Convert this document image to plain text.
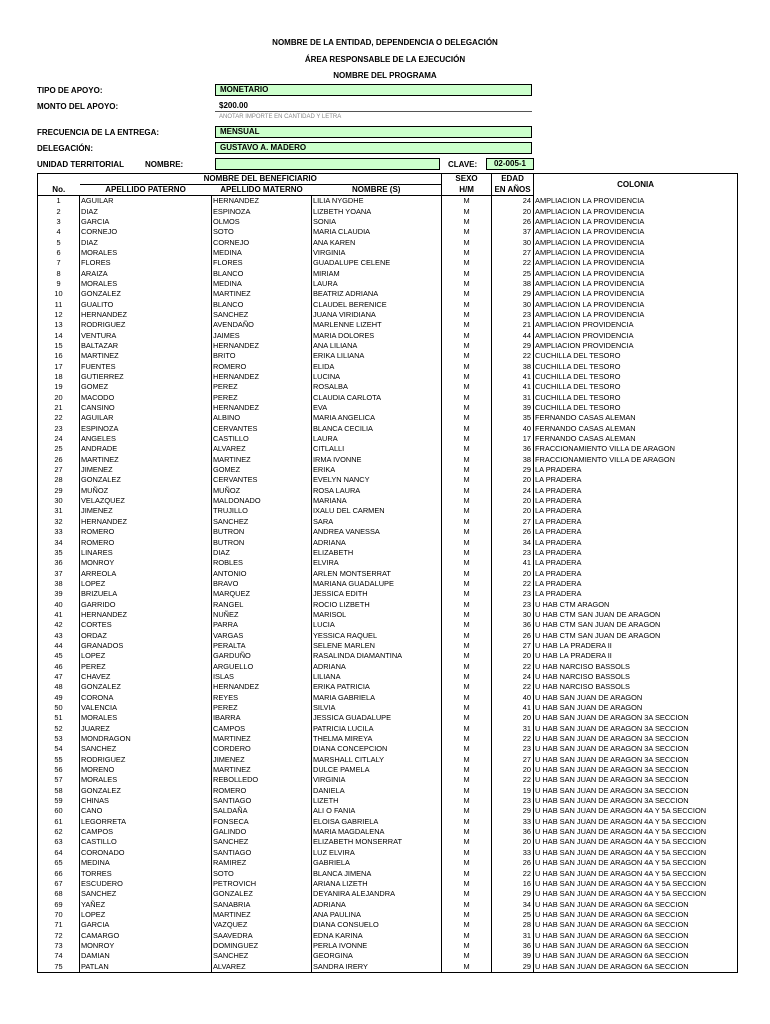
NOMBRE DE LA ENTIDAD, DEPENDENCIA O DELEGACIÓN
ÁREA RESPONSABLE DE LA EJECUCIÓN
NOMBRE DEL PROGRAMA
TIPO DE APOYO:	MONETARIO
MONTO DEL APOYO:	$200.00
ANOTAR IMPORTE EN CANTIDAD Y LETRA
FRECUENCIA DE LA ENTREGA:	MENSUAL
DELEGACIÓN:	GUSTAVO A. MADERO
UNIDAD TERRITORIAL	NOMBRE:	CLAVE:	02-005-1
	NOMBRE DEL BENEFICIARIO			SEXO	EDAD	COLONIA
No.	APELLIDO PATERNO	APELLIDO MATERNO	NOMBRE (S)	H/M	EN AÑOS	
1	AGUILAR	HERNANDEZ	LILIA NYGDHE	M	24	AMPLIACION LA PROVIDENCIA
2	DIAZ	ESPINOZA	LIZBETH YOANA	M	20	AMPLIACION LA PROVIDENCIA
3	GARCIA	OLMOS	SONIA	M	26	AMPLIACION LA PROVIDENCIA
4	CORNEJO	SOTO	MARIA CLAUDIA	M	37	AMPLIACION LA PROVIDENCIA
5	DIAZ	CORNEJO	ANA KAREN	M	30	AMPLIACION LA PROVIDENCIA
6	MORALES	MEDINA	VIRGINIA	M	27	AMPLIACION LA PROVIDENCIA
7	FLORES	FLORES	GUADALUPE CELENE	M	22	AMPLIACION LA PROVIDENCIA
8	ARAIZA	BLANCO	MIRIAM	M	25	AMPLIACION LA PROVIDENCIA
9	MORALES	MEDINA	LAURA	M	38	AMPLIACION LA PROVIDENCIA
10	GONZALEZ	MARTINEZ	BEATRIZ ADRIANA	M	29	AMPLIACION LA PROVIDENCIA
11	GUALITO	BLANCO	CLAUDEL BERENICE	M	30	AMPLIACION LA PROVIDENCIA
12	HERNANDEZ	SANCHEZ	JUANA VIRIDIANA	M	23	AMPLIACION LA PROVIDENCIA
13	RODRIGUEZ	AVENDAÑO	MARLENNE LIZEHT	M	21	AMPLIACION PROVIDENCIA
14	VENTURA	JAIMES	MARIA DOLORES	M	44	AMPLIACION PROVIDENCIA
15	BALTAZAR	HERNANDEZ	ANA LILIANA	M	29	AMPLIACION PROVIDENCIA
16	MARTINEZ	BRITO	ERIKA LILIANA	M	22	CUCHILLA DEL TESORO
17	FUENTES	ROMERO	ELIDA	M	38	CUCHILLA DEL TESORO
18	GUTIERREZ	HERNANDEZ	LUCINA	M	41	CUCHILLA DEL TESORO
19	GOMEZ	PEREZ	ROSALBA	M	41	CUCHILLA DEL TESORO
20	MACODO	PEREZ	CLAUDIA CARLOTA	M	31	CUCHILLA DEL TESORO
21	CANSINO	HERNANDEZ	EVA	M	39	CUCHILLA DEL TESORO
22	AGUILAR	ALBINO	MARIA ANGELICA	M	35	FERNANDO CASAS ALEMAN
23	ESPINOZA	CERVANTES	BLANCA CECILIA	M	40	FERNANDO CASAS ALEMAN
24	ANGELES	CASTILLO	LAURA	M	17	FERNANDO CASAS ALEMAN
25	ANDRADE	ALVAREZ	CITLALLI	M	36	FRACCIONAMIENTO VILLA DE ARAGON
26	MARTINEZ	MARTINEZ	IRMA IVONNE	M	38	FRACCIONAMIENTO VILLA DE ARAGON
27	JIMENEZ	GOMEZ	ERIKA	M	29	LA PRADERA
28	GONZALEZ	CERVANTES	EVELYN NANCY	M	20	LA PRADERA
29	MUÑOZ	MUÑOZ	ROSA LAURA	M	24	LA PRADERA
30	VELAZQUEZ	MALDONADO	MARIANA	M	20	LA PRADERA
31	JIMENEZ	TRUJILLO	IXALU DEL CARMEN	M	20	LA PRADERA
32	HERNANDEZ	SANCHEZ	SARA	M	27	LA PRADERA
33	ROMERO	BUTRON	ANDREA VANESSA	M	26	LA PRADERA
34	ROMERO	BUTRON	ADRIANA	M	34	LA PRADERA
35	LINARES	DIAZ	ELIZABETH	M	23	LA PRADERA
36	MONROY	ROBLES	ELVIRA	M	41	LA PRADERA
37	ARREOLA	ANTONIO	ARLEN MONTSERRAT	M	20	LA PRADERA
38	LOPEZ	BRAVO	MARIANA GUADALUPE	M	22	LA PRADERA
39	BRIZUELA	MARQUEZ	JESSICA EDITH	M	23	LA PRADERA
40	GARRIDO	RANGEL	ROCIO LIZBETH	M	23	U HAB CTM ARAGON
41	HERNANDEZ	NUÑEZ	MARISOL	M	30	U HAB CTM SAN JUAN DE ARAGON
42	CORTES	PARRA	LUCIA	M	36	U HAB CTM SAN JUAN DE ARAGON
43	ORDAZ	VARGAS	YESSICA RAQUEL	M	26	U HAB CTM SAN JUAN DE ARAGON
44	GRANADOS	PERALTA	SELENE MARLEN	M	27	U HAB LA PRADERA II
45	LOPEZ	GARDUÑO	RASALINDA DIAMANTINA	M	20	U HAB LA PRADERA II
46	PEREZ	ARGUELLO	ADRIANA	M	22	U HAB NARCISO BASSOLS
47	CHAVEZ	ISLAS	LILIANA	M	24	U HAB NARCISO BASSOLS
48	GONZALEZ	HERNANDEZ	ERIKA PATRICIA	M	22	U HAB NARCISO BASSOLS
49	CORONA	REYES	MARIA GABRIELA	M	40	U HAB SAN JUAN DE ARAGON
50	VALENCIA	PEREZ	SILVIA	M	41	U HAB SAN JUAN DE ARAGON
51	MORALES	IBARRA	JESSICA GUADALUPE	M	20	U HAB SAN JUAN DE ARAGON 3A SECCION
52	JUAREZ	CAMPOS	PATRICIA LUCILA	M	31	U HAB SAN JUAN DE ARAGON 3A SECCION
53	MONDRAGON	MARTINEZ	THELMA MIREYA	M	22	U HAB SAN JUAN DE ARAGON 3A SECCION
54	SANCHEZ	CORDERO	DIANA CONCEPCION	M	23	U HAB SAN JUAN DE ARAGON 3A SECCION
55	RODRIGUEZ	JIMENEZ	MARSHALL CITLALY	M	27	U HAB SAN JUAN DE ARAGON 3A SECCION
56	MORENO	MARTINEZ	DULCE PAMELA	M	20	U HAB SAN JUAN DE ARAGON 3A SECCION
57	MORALES	REBOLLEDO	VIRGINIA	M	22	U HAB SAN JUAN DE ARAGON 3A SECCION
58	GONZALEZ	ROMERO	DANIELA	M	19	U HAB SAN JUAN DE ARAGON 3A SECCION
59	CHINAS	SANTIAGO	LIZETH	M	23	U HAB SAN JUAN DE ARAGON 3A SECCION
60	CANO	SALDAÑA	ALI O FANIA	M	29	U HAB SAN JUAN DE ARAGON 4A Y 5A SECCION
61	LEGORRETA	FONSECA	ELOISA GABRIELA	M	33	U HAB SAN JUAN DE ARAGON 4A Y 5A SECCION
62	CAMPOS	GALINDO	MARIA MAGDALENA	M	36	U HAB SAN JUAN DE ARAGON 4A Y 5A SECCION
63	CASTILLO	SANCHEZ	ELIZABETH MONSERRAT	M	20	U HAB SAN JUAN DE ARAGON 4A Y 5A SECCION
64	CORONADO	SANTIAGO	LUZ ELVIRA	M	33	U HAB SAN JUAN DE ARAGON 4A Y 5A SECCION
65	MEDINA	RAMIREZ	GABRIELA	M	26	U HAB SAN JUAN DE ARAGON 4A Y 5A SECCION
66	TORRES	SOTO	BLANCA JIMENA	M	22	U HAB SAN JUAN DE ARAGON 4A Y 5A SECCION
67	ESCUDERO	PETROVICH	ARIANA LIZETH	M	16	U HAB SAN JUAN DE ARAGON 4A Y 5A SECCION
68	SANCHEZ	GONZALEZ	DEYANIRA ALEJANDRA	M	29	U HAB SAN JUAN DE ARAGON 4A Y 5A SECCION
69	YAÑEZ	SANABRIA	ADRIANA	M	34	U HAB SAN JUAN DE ARAGON 6A SECCION
70	LOPEZ	MARTINEZ	ANA PAULINA	M	25	U HAB SAN JUAN DE ARAGON 6A SECCION
71	GARCIA	VAZQUEZ	DIANA CONSUELO	M	28	U HAB SAN JUAN DE ARAGON 6A SECCION
72	CAMARGO	SAAVEDRA	EDNA KARINA	M	31	U HAB SAN JUAN DE ARAGON 6A SECCION
73	MONROY	DOMINGUEZ	PERLA IVONNE	M	36	U HAB SAN JUAN DE ARAGON 6A SECCION
74	DAMIAN	SANCHEZ	GEORGINA	M	39	U HAB SAN JUAN DE ARAGON 6A SECCION
75	PATLAN	ALVAREZ	SANDRA IRERY	M	29	U HAB SAN JUAN DE ARAGON 6A SECCION
